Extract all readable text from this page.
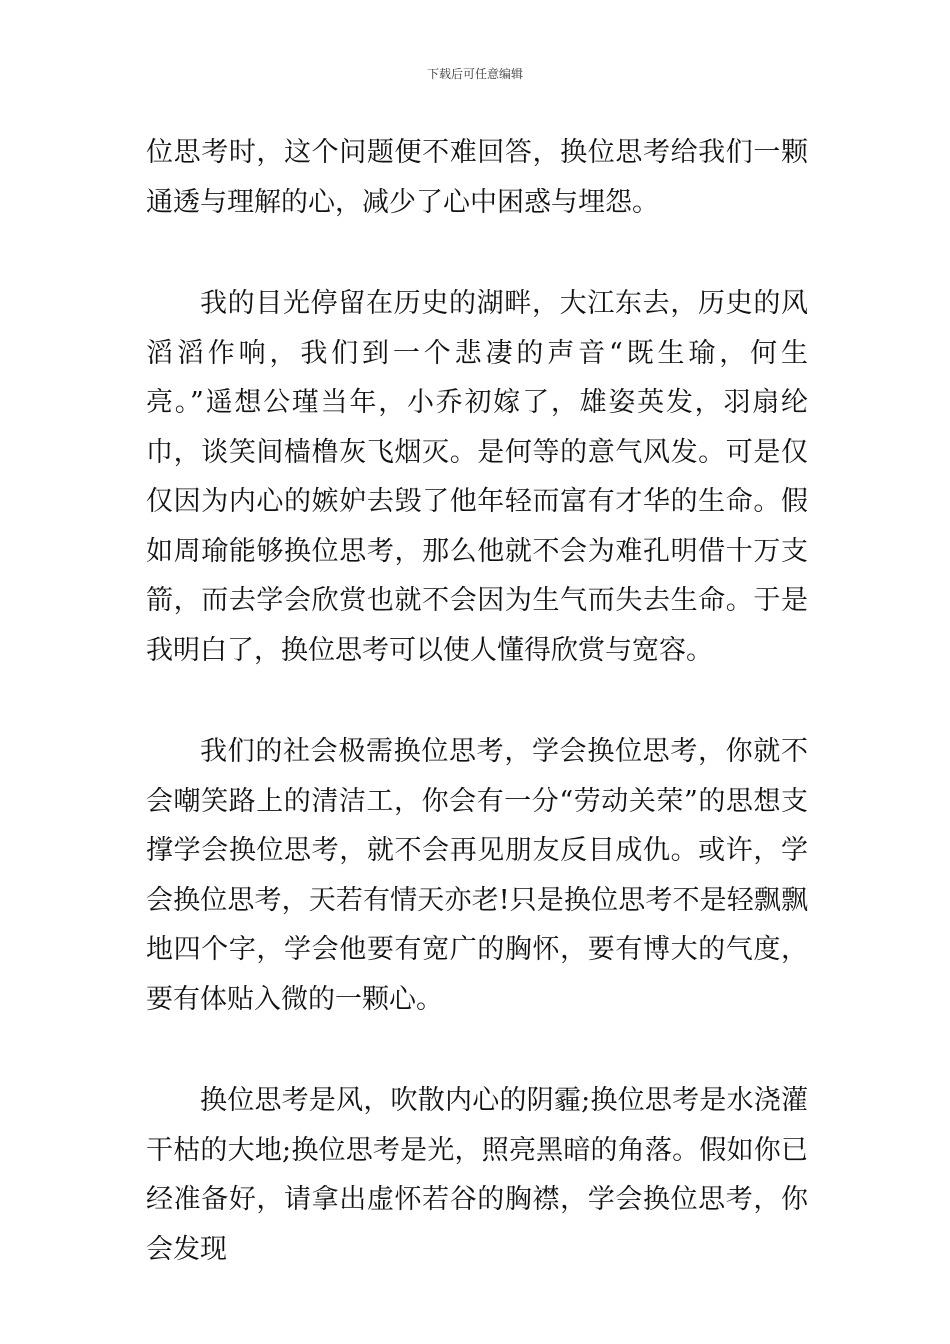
下载后可任意编辑

位思考时，这个问题便不难回答，换位思考给我们一颗通透与理解的心，减少了心中困惑与埋怨。

我的目光停留在历史的湖畔，大江东去，历史的风滔滔作响，我们到一个悲凄的声音“既生瑜，何生亮。”遥想公瑾当年，小乔初嫁了，雄姿英发，羽扇纶巾，谈笑间樯橹灰飞烟灭。是何等的意气风发。可是仅仅因为内心的嫉妒去毁了他年轻而富有才华的生命。假如周瑜能够换位思考，那么他就不会为难孔明借十万支箭，而去学会欣赏也就不会因为生气而失去生命。于是我明白了，换位思考可以使人懂得欣赏与宽容。

我们的社会极需换位思考，学会换位思考，你就不会嘲笑路上的清洁工，你会有一分“劳动关荣”的思想支撑学会换位思考，就不会再见朋友反目成仇。或许，学会换位思考，天若有情天亦老!只是换位思考不是轻飘飘地四个字，学会他要有宽广的胸怀，要有博大的气度，要有体贴入微的一颗心。

换位思考是风，吹散内心的阴霾;换位思考是水浇灌干枯的大地;换位思考是光，照亮黑暗的角落。假如你已经准备好，请拿出虚怀若谷的胸襟，学会换位思考，你会发现
